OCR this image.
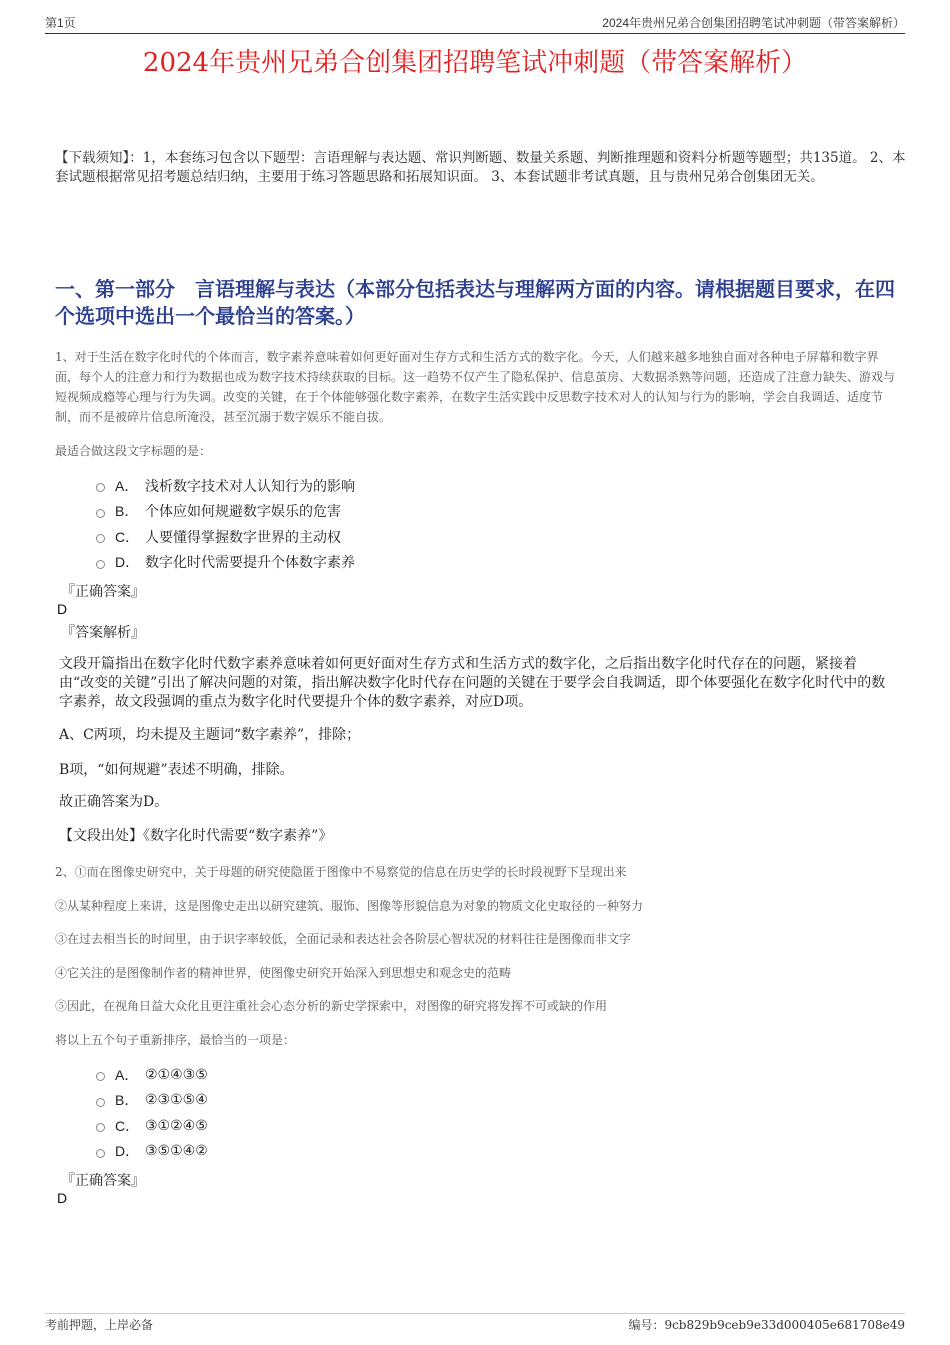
第1页	2024年贵州兄弟合创集团招聘笔试冲刺题（带答案解析）
2024年贵州兄弟合创集团招聘笔试冲刺题（带答案解析）

【下载须知】：1，本套练习包含以下题型：言语理解与表达题、常识判断题、数量关系题、判断推理题和资料分析题等题型；共135道。 2、本套试题根据常见招考题总结归纳，主要用于练习答题思路和拓展知识面。 3、本套试题非考试真题，且与贵州兄弟合创集团无关。

一、第一部分　言语理解与表达（本部分包括表达与理解两方面的内容。请根据题目要求，在四个选项中选出一个最恰当的答案。）

1、对于生活在数字化时代的个体而言，数字素养意味着如何更好面对生存方式和生活方式的数字化。今天，人们越来越多地独自面对各种电子屏幕和数字界面，每个人的注意力和行为数据也成为数字技术持续获取的目标。这一趋势不仅产生了隐私保护、信息茧房、大数据杀熟等问题，还造成了注意力缺失、游戏与短视频成瘾等心理与行为失调。改变的关键，在于个体能够强化数字素养，在数字生活实践中反思数字技术对人的认知与行为的影响，学会自我调适、适度节制，而不是被碎片信息所淹没，甚至沉溺于数字娱乐不能自拔。

最适合做这段文字标题的是：

A． 浅析数字技术对人认知行为的影响
B． 个体应如何规避数字娱乐的危害
C． 人要懂得掌握数字世界的主动权
D． 数字化时代需要提升个体数字素养
『正确答案』
D
『答案解析』

文段开篇指出在数字化时代数字素养意味着如何更好面对生存方式和生活方式的数字化，之后指出数字化时代存在的问题，紧接着由“改变的关键”引出了解决问题的对策，指出解决数字化时代存在问题的关键在于要学会自我调适，即个体要强化在数字化时代中的数字素养，故文段强调的重点为数字化时代要提升个体的数字素养，对应D项。

A、C两项，均未提及主题词“数字素养”，排除；

B项，“如何规避”表述不明确，排除。

故正确答案为D。

【文段出处】《数字化时代需要“数字素养”》

2、①而在图像史研究中，关于母题的研究使隐匿于图像中不易察觉的信息在历史学的长时段视野下呈现出来

②从某种程度上来讲，这是图像史走出以研究建筑、服饰、图像等形貌信息为对象的物质文化史取径的一种努力

③在过去相当长的时间里，由于识字率较低，全面记录和表达社会各阶层心智状况的材料往往是图像而非文字

④它关注的是图像制作者的精神世界，使图像史研究开始深入到思想史和观念史的范畴

⑤因此，在视角日益大众化且更注重社会心态分析的新史学探索中，对图像的研究将发挥不可或缺的作用

将以上五个句子重新排序，最恰当的一项是：

A． ②①④③⑤
B． ②③①⑤④
C． ③①②④⑤
D． ③⑤①④②
『正确答案』
D
考前押题，上岸必备	编号：9cb829b9ceb9e33d000405e681708e49
